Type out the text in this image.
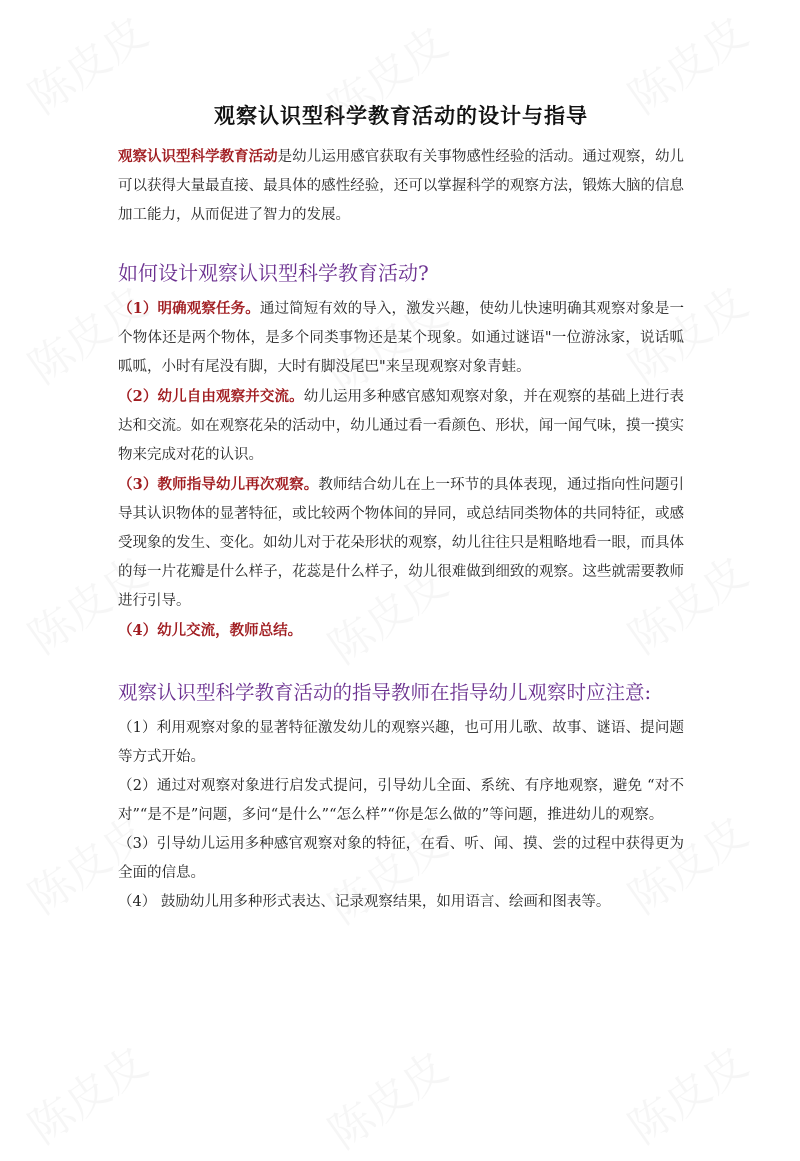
观察认识型科学教育活动的设计与指导

观察认识型科学教育活动是幼儿运用感官获取有关事物感性经验的活动。通过观察，幼儿可以获得大量最直接、最具体的感性经验，还可以掌握科学的观察方法，锻炼大脑的信息加工能力，从而促进了智力的发展。

如何设计观察认识型科学教育活动?

（1）明确观察任务。通过简短有效的导入，激发兴趣，使幼儿快速明确其观察对象是一个物体还是两个物体，是多个同类事物还是某个现象。如通过谜语"一位游泳家，说话呱呱呱，小时有尾没有脚，大时有脚没尾巴"来呈现观察对象青蛙。

（2）幼儿自由观察并交流。幼儿运用多种感官感知观察对象，并在观察的基础上进行表达和交流。如在观察花朵的活动中，幼儿通过看一看颜色、形状，闻一闻气味，摸一摸实物来完成对花的认识。

（3）教师指导幼儿再次观察。教师结合幼儿在上一环节的具体表现，通过指向性问题引导其认识物体的显著特征，或比较两个物体间的异同，或总结同类物体的共同特征，或感受现象的发生、变化。如幼儿对于花朵形状的观察，幼儿往往只是粗略地看一眼，而具体的每一片花瓣是什么样子，花蕊是什么样子，幼儿很难做到细致的观察。这些就需要教师进行引导。

（4）幼儿交流，教师总结。

观察认识型科学教育活动的指导教师在指导幼儿观察时应注意:

（1）利用观察对象的显著特征激发幼儿的观察兴趣，也可用儿歌、故事、谜语、提问题等方式开始。

（2）通过对观察对象进行启发式提问，引导幼儿全面、系统、有序地观察，避免 “对不对”“是不是”问题，多问“是什么”“怎么样”“你是怎么做的”等问题，推进幼儿的观察。

（3）引导幼儿运用多种感官观察对象的特征，在看、听、闻、摸、尝的过程中获得更为全面的信息。

（4） 鼓励幼儿用多种形式表达、记录观察结果，如用语言、绘画和图表等。
